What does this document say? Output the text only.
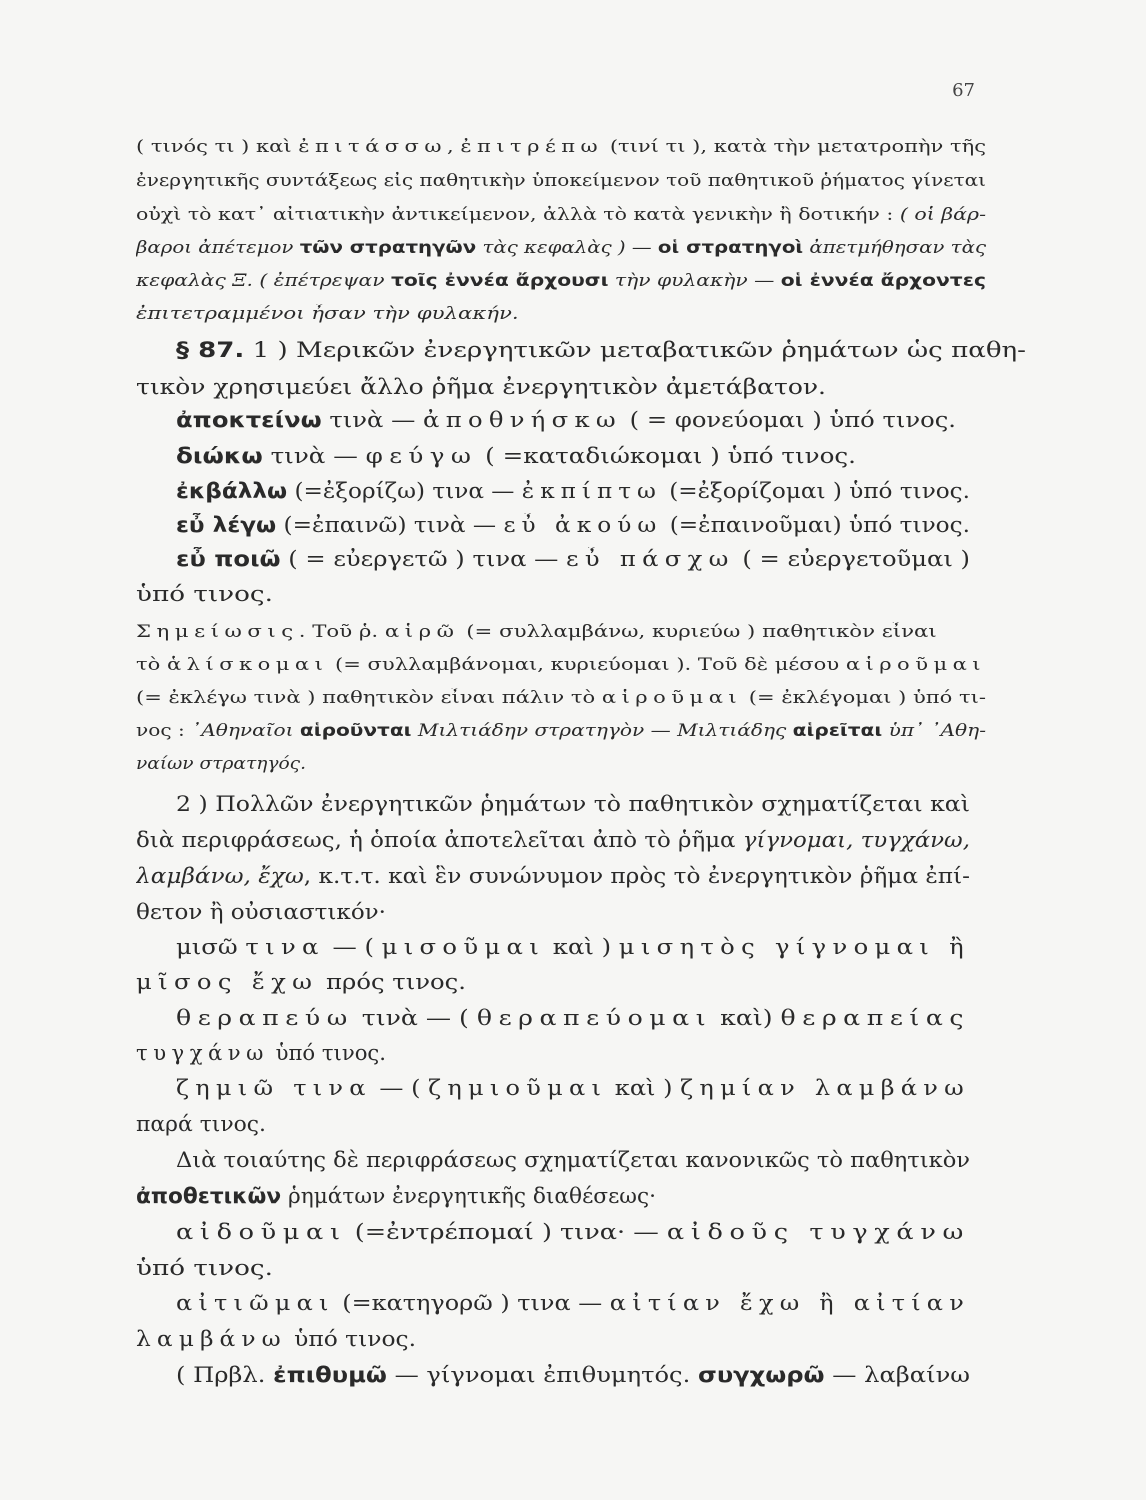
67
( τινός τι ) καὶ ἐπιτάσσω, ἐπιτρέπω (τινί τι ), κατὰ τὴν μετατροπὴν τῆς
ἐνεργητικῆς συντάξεως εἰς παθητικὴν ὑποκείμενον τοῦ παθητικοῦ ῥήματος γίνεται
οὐχὶ τὸ κατ᾽ αἰτιατικὴν ἀντικείμενον, ἀλλὰ τὸ κατὰ γενικὴν ἢ δοτικήν : ( οἱ βάρ-
βαροι ἀπέτεμον τῶν στρατηγῶν τὰς κεφαλὰς ) — οἱ στρατηγοὶ ἀπετμήθησαν τὰς
κεφαλὰς Ξ. ( ἐπέτρεψαν τοῖς ἐννέα ἄρχουσι τὴν φυλακὴν — οἱ ἐννέα ἄρχοντες
ἐπιτετραμμένοι ἦσαν τὴν φυλακήν.
§ 87. 1 ) Μερικῶν ἐνεργητικῶν μεταβατικῶν ῥημάτων ὡς παθη-
τικὸν χρησιμεύει ἄλλο ῥῆμα ἐνεργητικὸν ἀμετάβατον.
ἀποκτείνω τινὰ — ἀποθνήσκω ( = φονεύομαι ) ὑπό τινος.
διώκω τινὰ — φεύγω ( =καταδιώκομαι ) ὑπό τινος.
ἐκβάλλω (=ἐξορίζω) τινα — ἐκπίπτω (=ἐξορίζομαι ) ὑπό τινος.
εὖ λέγω (=ἐπαινῶ) τινὰ — εὖ ἀκούω (=ἐπαινοῦμαι) ὑπό τινος.
εὖ ποιῶ ( = εὐεργετῶ ) τινα — εὖ πάσχω ( = εὐεργετοῦμαι )
ὑπό τινος.
Σημείωσις. Τοῦ ῥ. αἱρῶ (= συλλαμβάνω, κυριεύω ) παθητικὸν εἶναι
τὸ ἁλίσκομαι (= συλλαμβάνομαι, κυριεύομαι ). Τοῦ δὲ μέσου αἱροῦμαι
(= ἐκλέγω τινὰ ) παθητικὸν εἶναι πάλιν τὸ αἱροῦμαι (= ἐκλέγομαι ) ὑπό τι-
νος : ᾽Αθηναῖοι αἱροῦνται Μιλτιάδην στρατηγὸν — Μιλτιάδης αἱρεῖται ὑπ᾽ ᾽Αθη-
ναίων στρατηγός.
2 ) Πολλῶν ἐνεργητικῶν ῥημάτων τὸ παθητικὸν σχηματίζεται καὶ
διὰ περιφράσεως, ἡ ὁποία ἀποτελεῖται ἀπὸ τὸ ῥῆμα γίγνομαι, τυγχάνω,
λαμβάνω, ἔχω, κ.τ.τ. καὶ ἓν συνώνυμον πρὸς τὸ ἐνεργητικὸν ῥῆμα ἐπί-
θετον ἢ οὐσιαστικόν·
μισῶ τινα — ( μισοῦμαι καὶ ) μισητὸς γίγνομαι ἢ
μῖσος ἔχω πρός τινος.
θεραπεύω τινὰ — ( θεραπεύομαι καὶ) θεραπείας
τυγχάνω ὑπό τινος.
ζημιῶ τινα — ( ζημιοῦμαι καὶ ) ζημίαν λαμβάνω
παρά τινος.
Διὰ τοιαύτης δὲ περιφράσεως σχηματίζεται κανονικῶς τὸ παθητικὸν
ἀποθετικῶν ῥημάτων ἐνεργητικῆς διαθέσεως·
αἰδοῦμαι (=ἐντρέπομαί ) τινα· — αἰδοῦς τυγχάνω
ὑπό τινος.
αἰτιῶμαι (=κατηγορῶ ) τινα — αἰτίαν ἔχω ἢ αἰτίαν
λαμβάνω ὑπό τινος.
( Πρβλ. ἐπιθυμῶ — γίγνομαι ἐπιθυμητός. συγχωρῶ — λαβαίνω
